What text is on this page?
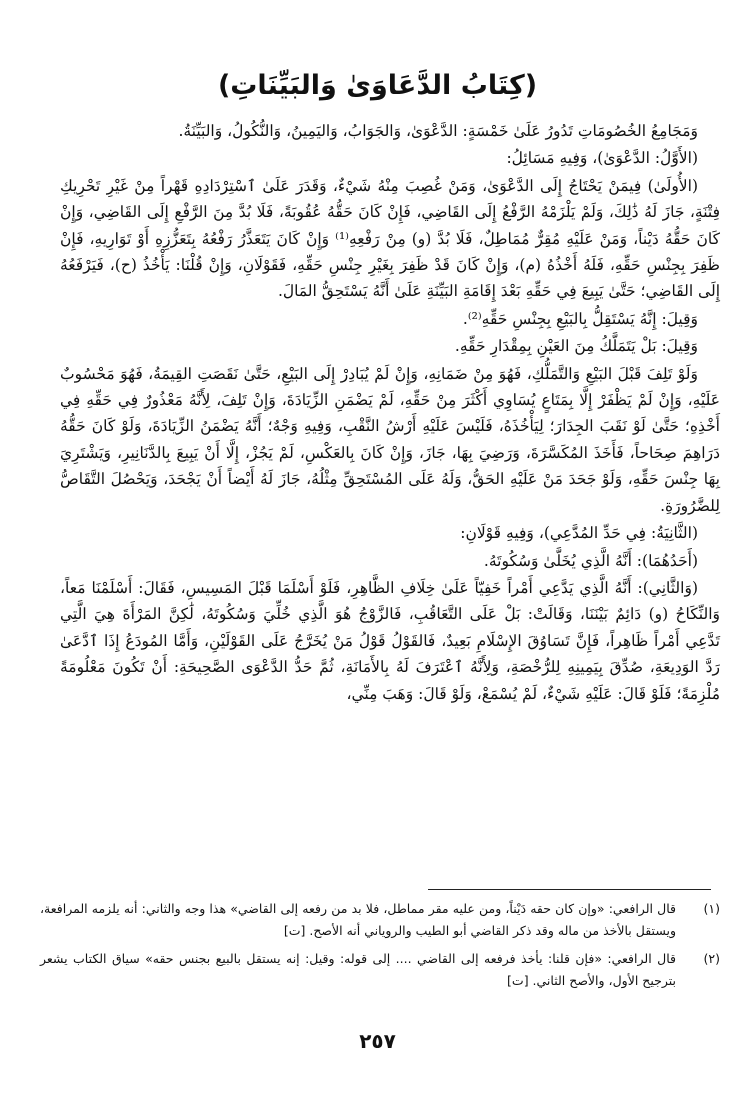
(كِتَابُ الدَّعَاوَىٰ وَالبَيِّنَاتِ)

وَمَجَامِعُ الخُصُومَاتِ تَدُورُ عَلَىٰ خَمْسَةٍ: الدَّعْوَىٰ، وَالجَوَابُ، وَاليَمِينُ، وَالنُّكُولُ، وَالبَيِّنَةُ.

(الأَوَّلُ: الدَّعْوَىٰ)، وَفِيهِ مَسَائِلُ:

(الأُولَىٰ) فِيمَنْ يَحْتَاجُ إِلَى الدَّعْوَىٰ، وَمَنْ غُصِبَ مِنْهُ شَيْءٌ، وَقَدَرَ عَلَىٰ ٱسْتِرْدَادِهِ قَهْراً مِنْ غَيْرِ تَحْرِيكِ فِتْنَةٍ، جَازَ لَهُ ذَٰلِكَ، وَلَمْ يَلْزَمْهُ الرَّفْعُ إِلَى القَاضِي، فَإِنْ كَانَ حَقُّهُ عُقُوبَةً، فَلَا بُدَّ مِنَ الرَّفْعِ إِلَى القَاضِي، وَإِنْ كَانَ حَقُّهُ دَيْناً، وَمَنْ عَلَيْهِ مُقِرٌّ مُمَاطِلٌ، فَلَا بُدَّ (و) مِنْ رَفْعِهِ⁽¹⁾ وَإِنْ كَانَ يَتَعَذَّرُ رَفْعُهُ بِتَعَزُّزِهِ أَوْ تَوَارِيهِ، فَإِنْ ظَفِرَ بِجِنْسِ حَقِّهِ، فَلَهُ أَخْذُهُ (م)، وَإِنْ كَانَ قَدْ ظَفِرَ بِغَيْرِ جِنْسِ حَقِّهِ، فَقَوْلَانِ، وَإِنْ قُلْنَا: يَأْخُذُ (ح)، فَيَرْفَعُهُ إِلَى القَاضِي؛ حَتَّىٰ يَبِيعَ فِي حَقِّهِ بَعْدَ إِقَامَةِ البَيِّنَةِ عَلَىٰ أَنَّهُ يَسْتَحِقُّ المَالَ.

وَقِيلَ: إِنَّهُ يَسْتَقِلُّ بِالبَيْعِ بِجِنْسِ حَقِّهِ⁽²⁾.

وَقِيلَ: بَلْ يَتَمَلَّكُ مِنَ العَيْنِ بِمِقْدَارِ حَقِّهِ.

وَلَوْ تَلِفَ قَبْلَ البَيْعِ وَالتَّمَلُّكِ، فَهُوَ مِنْ ضَمَانِهِ، وَإِنْ لَمْ يُبَادِرْ إِلَى البَيْعِ، حَتَّىٰ نَقَصَتِ القِيمَةُ، فَهُوَ مَحْسُوبٌ عَلَيْهِ، وَإِنْ لَمْ يَظْفَرْ إِلَّا بِمَتَاعٍ يُسَاوِي أَكْثَرَ مِنْ حَقِّهِ، لَمْ يَضْمَنِ الزِّيَادَةَ، وَإِنْ تَلِفَ، لِأَنَّهُ مَعْذُورٌ فِي حَقِّهِ فِي أَخْذِهِ؛ حَتَّىٰ لَوْ نَقَبَ الجِدَارَ؛ لِيَأْخُذَهُ، فَلَيْسَ عَلَيْهِ أَرْشُ النَّقْبِ، وَفِيهِ وَجْهٌ؛ أَنَّهُ يَضْمَنُ الزِّيَادَةَ، وَلَوْ كَانَ حَقُّهُ دَرَاهِمَ صِحَاحاً، فَأَخَذَ المُكَسَّرَةَ، وَرَضِيَ بِهَا، جَازَ، وَإِنْ كَانَ بِالعَكْسِ، لَمْ يَجُزْ، إِلَّا أَنْ يَبِيعَ بِالدَّنَانِيرِ، وَيَشْتَرِيَ بِهَا جِنْسَ حَقِّهِ، وَلَوْ جَحَدَ مَنْ عَلَيْهِ الحَقُّ، وَلَهُ عَلَى المُسْتَحِقِّ مِثْلُهُ، جَازَ لَهُ أَيْضاً أَنْ يَجْحَدَ، وَيَحْصُلَ التَّقَاصُّ لِلضَّرُورَةِ.

(الثَّانِيَةُ: فِي حَدِّ المُدَّعِي)، وَفِيهِ قَوْلَانِ:

(أَحَدُهُمَا): أَنَّهُ الَّذِي يُخَلَّىٰ وَسُكُوتَهُ.

(وَالثَّانِي): أَنَّهُ الَّذِي يَدَّعِي أَمْراً خَفِيّاً عَلَىٰ خِلَافِ الظَّاهِرِ، فَلَوْ أَسْلَمَا قَبْلَ المَسِيسِ، فَقَالَ: أَسْلَمْنَا مَعاً، وَالنِّكَاحُ (و) دَائِمٌ بَيْنَنَا، وَقَالَتْ: بَلْ عَلَى التَّعَاقُبِ، فَالزَّوْجُ هُوَ الَّذِي خُلِّيَ وَسُكُوتَهُ، لَٰكِنَّ المَرْأَةَ هِيَ الَّتِي تَدَّعِي أَمْراً ظَاهِراً، فَإِنَّ تَسَاوُقَ الإِسْلَامِ بَعِيدٌ، فَالقَوْلُ قَوْلُ مَنْ يُخَرَّجُ عَلَى القَوْلَيْنِ، وَأَمَّا المُودَعُ إِذَا ٱدَّعَىٰ رَدَّ الوَدِيعَةِ، صُدِّقَ بِيَمِينِهِ لِلرُّخْصَةِ، وَلِأَنَّهُ ٱعْتَرَفَ لَهُ بِالأَمَانَةِ، ثُمَّ حَدُّ الدَّعْوَى الصَّحِيحَةِ: أَنْ تَكُونَ مَعْلُومَةً مُلْزِمَةً؛ فَلَوْ قَالَ: عَلَيْهِ شَيْءٌ، لَمْ يُسْمَعْ، وَلَوْ قَالَ: وَهَبَ مِنِّي،

(١)
قال الرافعي: «وإن كان حقه دَيْناً، ومن عليه مقر مماطل، فلا بد من رفعه إلى القاضي» هذا وجه والثاني: أنه يلزمه المرافعة، ويستقل بالأخذ من ماله وقد ذكر القاضي أبو الطيب والروياني أنه الأصح. [ت]
(٢)
قال الرافعي: «فإن قلنا: يأخذ فرفعه إلى القاضي .... إلى قوله: وقيل: إنه يستقل بالبيع بجنس حقه» سياق الكتاب يشعر بترجيح الأول، والأصح الثاني. [ت]
٢٥٧
